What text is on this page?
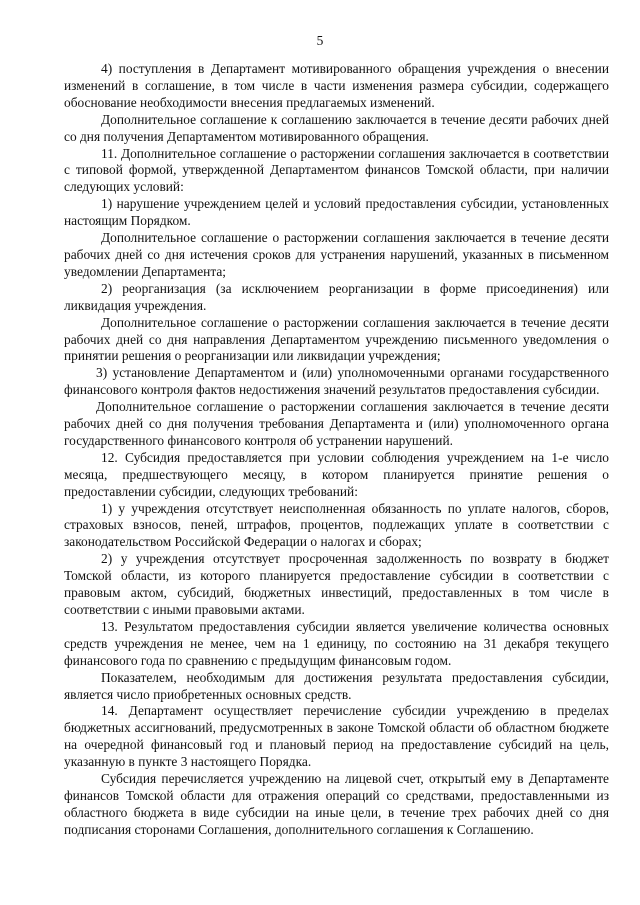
5

4) поступления в Департамент мотивированного обращения учреждения о внесении изменений в соглашение, в том числе в части изменения размера субсидии, содержащего обоснование необходимости внесения предлагаемых изменений.

Дополнительное соглашение к соглашению заключается в течение десяти рабочих дней со дня получения Департаментом мотивированного обращения.

11. Дополнительное соглашение о расторжении соглашения заключается в соответствии с типовой формой, утвержденной Департаментом финансов Томской области, при наличии следующих условий:

1) нарушение учреждением целей и условий предоставления субсидии, установленных настоящим Порядком.

Дополнительное соглашение о расторжении соглашения заключается в течение десяти рабочих дней со дня истечения сроков для устранения нарушений, указанных в письменном уведомлении Департамента;

2) реорганизация (за исключением реорганизации в форме присоединения) или ликвидация учреждения.

Дополнительное соглашение о расторжении соглашения заключается в течение десяти рабочих дней со дня направления Департаментом учреждению письменного уведомления о принятии решения о реорганизации или ликвидации учреждения;

3) установление Департаментом и (или) уполномоченными органами государственного финансового контроля фактов недостижения значений результатов предоставления субсидии.

Дополнительное соглашение о расторжении соглашения заключается в течение десяти рабочих дней со дня получения требования Департамента и (или) уполномоченного органа государственного финансового контроля об устранении нарушений.

12. Субсидия предоставляется при условии соблюдения учреждением на 1-е число месяца, предшествующего месяцу, в котором планируется принятие решения о предоставлении субсидии, следующих требований:

1) у учреждения отсутствует неисполненная обязанность по уплате налогов, сборов, страховых взносов, пеней, штрафов, процентов, подлежащих уплате в соответствии с законодательством Российской Федерации о налогах и сборах;

2) у учреждения отсутствует просроченная задолженность по возврату в бюджет Томской области, из которого планируется предоставление субсидии в соответствии с правовым актом, субсидий, бюджетных инвестиций, предоставленных в том числе в соответствии с иными правовыми актами.

13. Результатом предоставления субсидии является увеличение количества основных средств учреждения не менее, чем на 1 единицу, по состоянию на 31 декабря текущего финансового года по сравнению с предыдущим финансовым годом.

Показателем, необходимым для достижения результата предоставления субсидии, является число приобретенных основных средств.

14. Департамент осуществляет перечисление субсидии учреждению в пределах бюджетных ассигнований, предусмотренных в законе Томской области об областном бюджете на очередной финансовый год и плановый период на предоставление субсидий на цель, указанную в пункте 3 настоящего Порядка.

Субсидия перечисляется учреждению на лицевой счет, открытый ему в Департаменте финансов Томской области для отражения операций со средствами, предоставленными из областного бюджета в виде субсидии на иные цели, в течение трех рабочих дней со дня подписания сторонами Соглашения, дополнительного соглашения к Соглашению.
